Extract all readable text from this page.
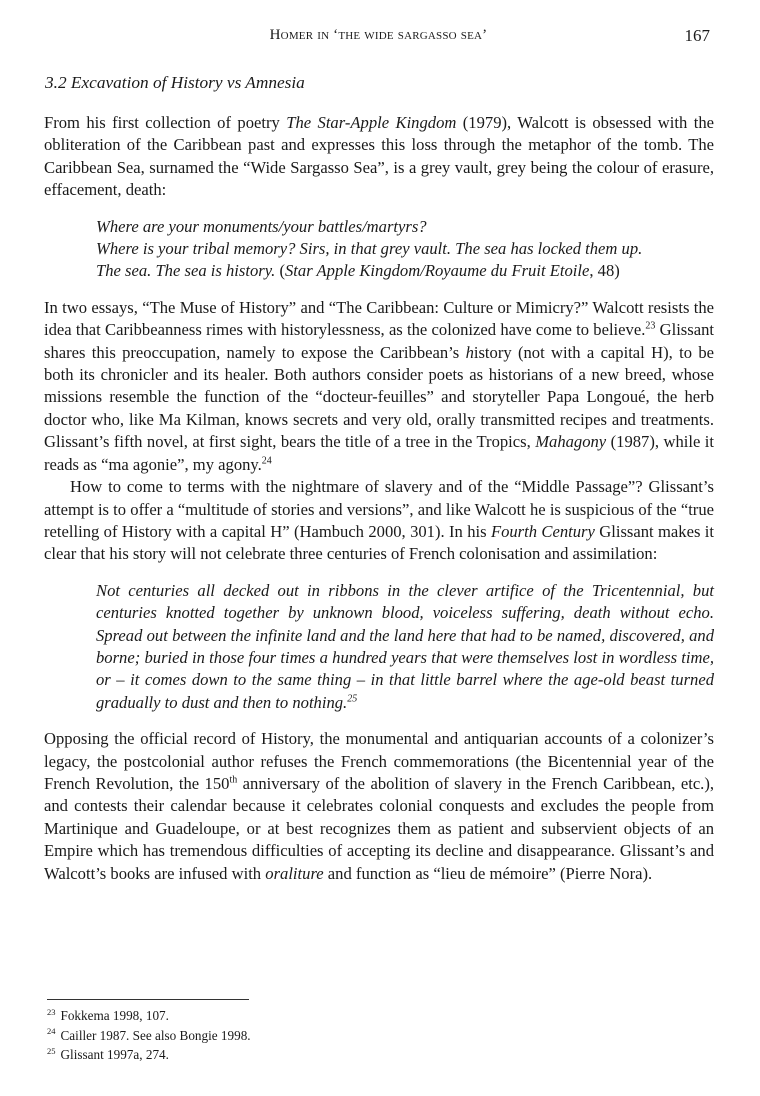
Homer in ‘the wide sargasso sea’	167
3.2 Excavation of History vs Amnesia

From his first collection of poetry The Star-Apple Kingdom (1979), Walcott is obsessed with the obliteration of the Caribbean past and expresses this loss through the metaphor of the tomb. The Caribbean Sea, surnamed the “Wide Sargasso Sea”, is a grey vault, grey being the colour of erasure, effacement, death:

Where are your monuments/your battles/martyrs?
Where is your tribal memory? Sirs, in that grey vault. The sea has locked them up.
The sea. The sea is history. (Star Apple Kingdom/Royaume du Fruit Etoile, 48)

In two essays, “The Muse of History” and “The Caribbean: Culture or Mimicry?” Walcott resists the idea that Caribbeanness rimes with historylessness, as the colonized have come to believe.$^{23}$ Glissant shares this preoccupation, namely to expose the Caribbean’s history (not with a capital H), to be both its chronicler and its healer. Both authors consider poets as historians of a new breed, whose missions resemble the function of the “docteur-feuilles” and storyteller Papa Longoué, the herb doctor who, like Ma Kilman, knows secrets and very old, orally transmitted recipes and treatments. Glissant’s fifth novel, at first sight, bears the title of a tree in the Tropics, Mahagony (1987), while it reads as “ma agonie”, my agony.$^{24}$

How to come to terms with the nightmare of slavery and of the “Middle Passage”? Glissant’s attempt is to offer a “multitude of stories and versions”, and like Walcott he is suspicious of the “true retelling of History with a capital H” (Hambuch 2000, 301). In his Fourth Century Glissant makes it clear that his story will not celebrate three centuries of French colonisation and assimilation:

Not centuries all decked out in ribbons in the clever artifice of the Tricentennial, but centuries knotted together by unknown blood, voiceless suffering, death without echo. Spread out between the infinite land and the land here that had to be named, discovered, and borne; buried in those four times a hundred years that were themselves lost in wordless time, or – it comes down to the same thing – in that little barrel where the age-old beast turned gradually to dust and then to nothing.$^{25}$

Opposing the official record of History, the monumental and antiquarian accounts of a colonizer’s legacy, the postcolonial author refuses the French commemorations (the Bicentennial year of the French Revolution, the 150th anniversary of the abolition of slavery in the French Caribbean, etc.), and contests their calendar because it celebrates colonial conquests and excludes the people from Martinique and Guadeloupe, or at best recognizes them as patient and subservient objects of an Empire which has tremendous difficulties of accepting its decline and disappearance. Glissant’s and Walcott’s books are infused with oraliture and function as “lieu de mémoire” (Pierre Nora).

$^{23}$ Fokkema 1998, 107.
$^{24}$ Cailler 1987. See also Bongie 1998.
$^{25}$ Glissant 1997a, 274.
